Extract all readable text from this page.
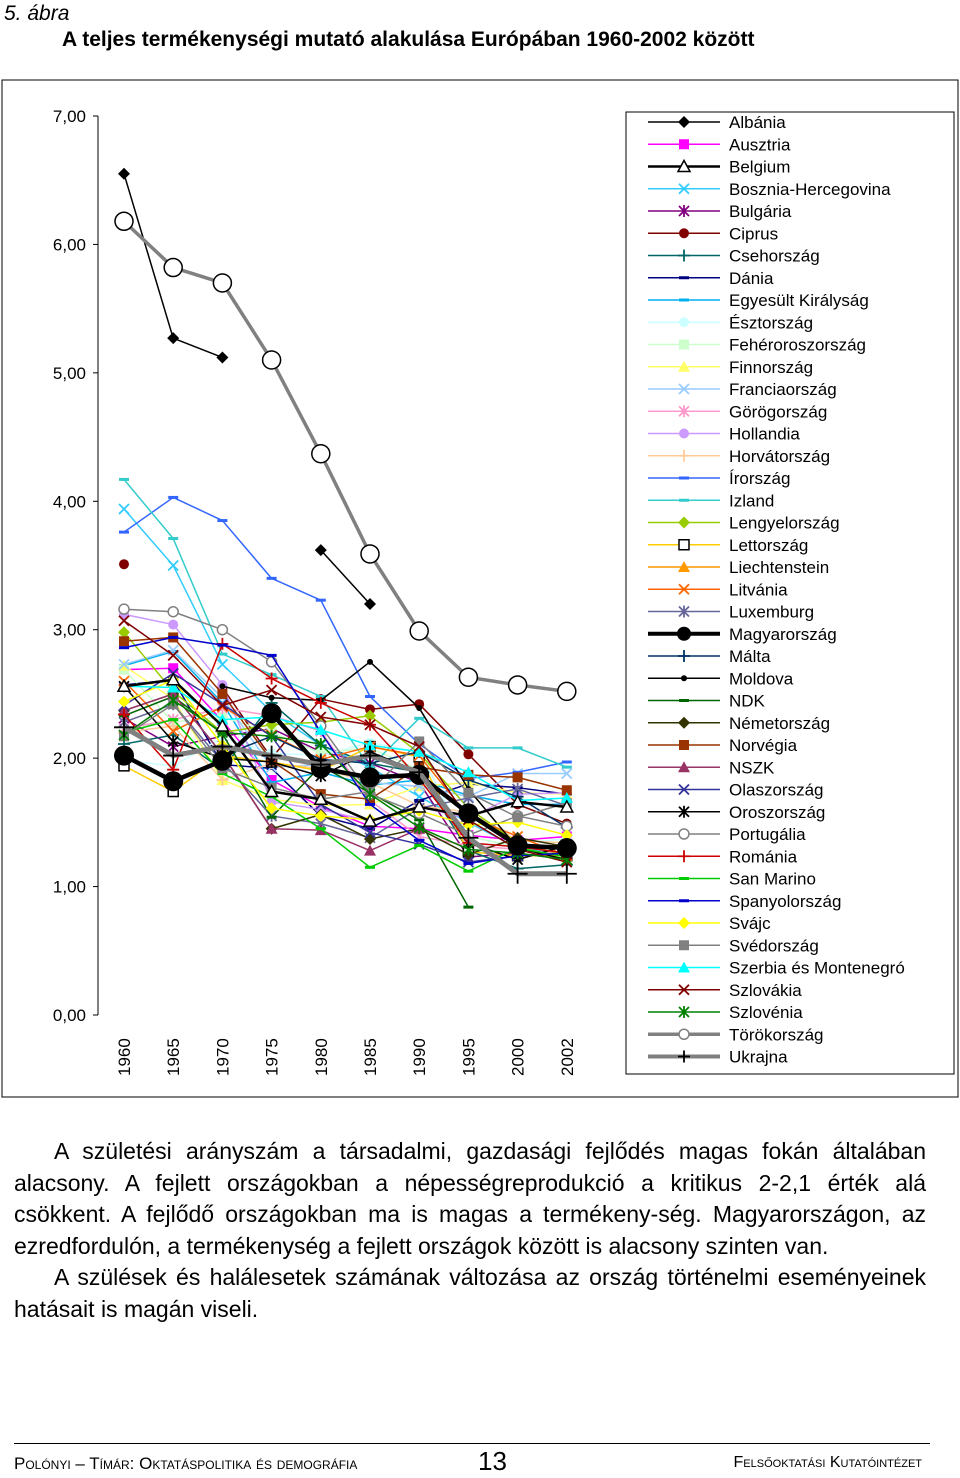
5. ábra
A teljes termékenységi mutató alakulása Európában 1960-2002 között
0,00
1,00
2,00
3,00
4,00
5,00
6,00
7,00
1960 1965 1970 1975 1980 1985 1990 1995 2000 2002
Albánia
Ausztria
Belgium
Bosznia-Hercegovina
Bulgária
Ciprus
Csehország
Dánia
Egyesült Királyság
Észtország
Fehéroroszország
Finnország
Franciaország
Görögország
Hollandia
Horvátország
Írország
Izland
Lengyelország
Lettország
Liechtenstein
Litvánia
Luxemburg
Magyarország
Málta
Moldova
NDK
Németország
Norvégia
NSZK
Olaszország
Oroszország
Portugália
Románia
San Marino
Spanyolország
Svájc
Svédország
Szerbia és Montenegró
Szlovákia
Szlovénia
Törökország
Ukrajna

A születési arányszám a társadalmi, gazdasági fejlődés magas fokán általában alacsony. A fejlett országokban a népességreprodukció a kritikus 2-2,1 érték alá csökkent. A fejlődő országokban ma is magas a termékeny-ség. Magyarországon, az ezredfordulón, a termékenység a fejlett országok között is alacsony szinten van.

A szülések és halálesetek számának változása az ország történelmi eseményeinek hatásait is magán viseli.

Polónyi – Tímár: Oktatáspolitika és demográfia	13	Felsőoktatási Kutatóintézet
